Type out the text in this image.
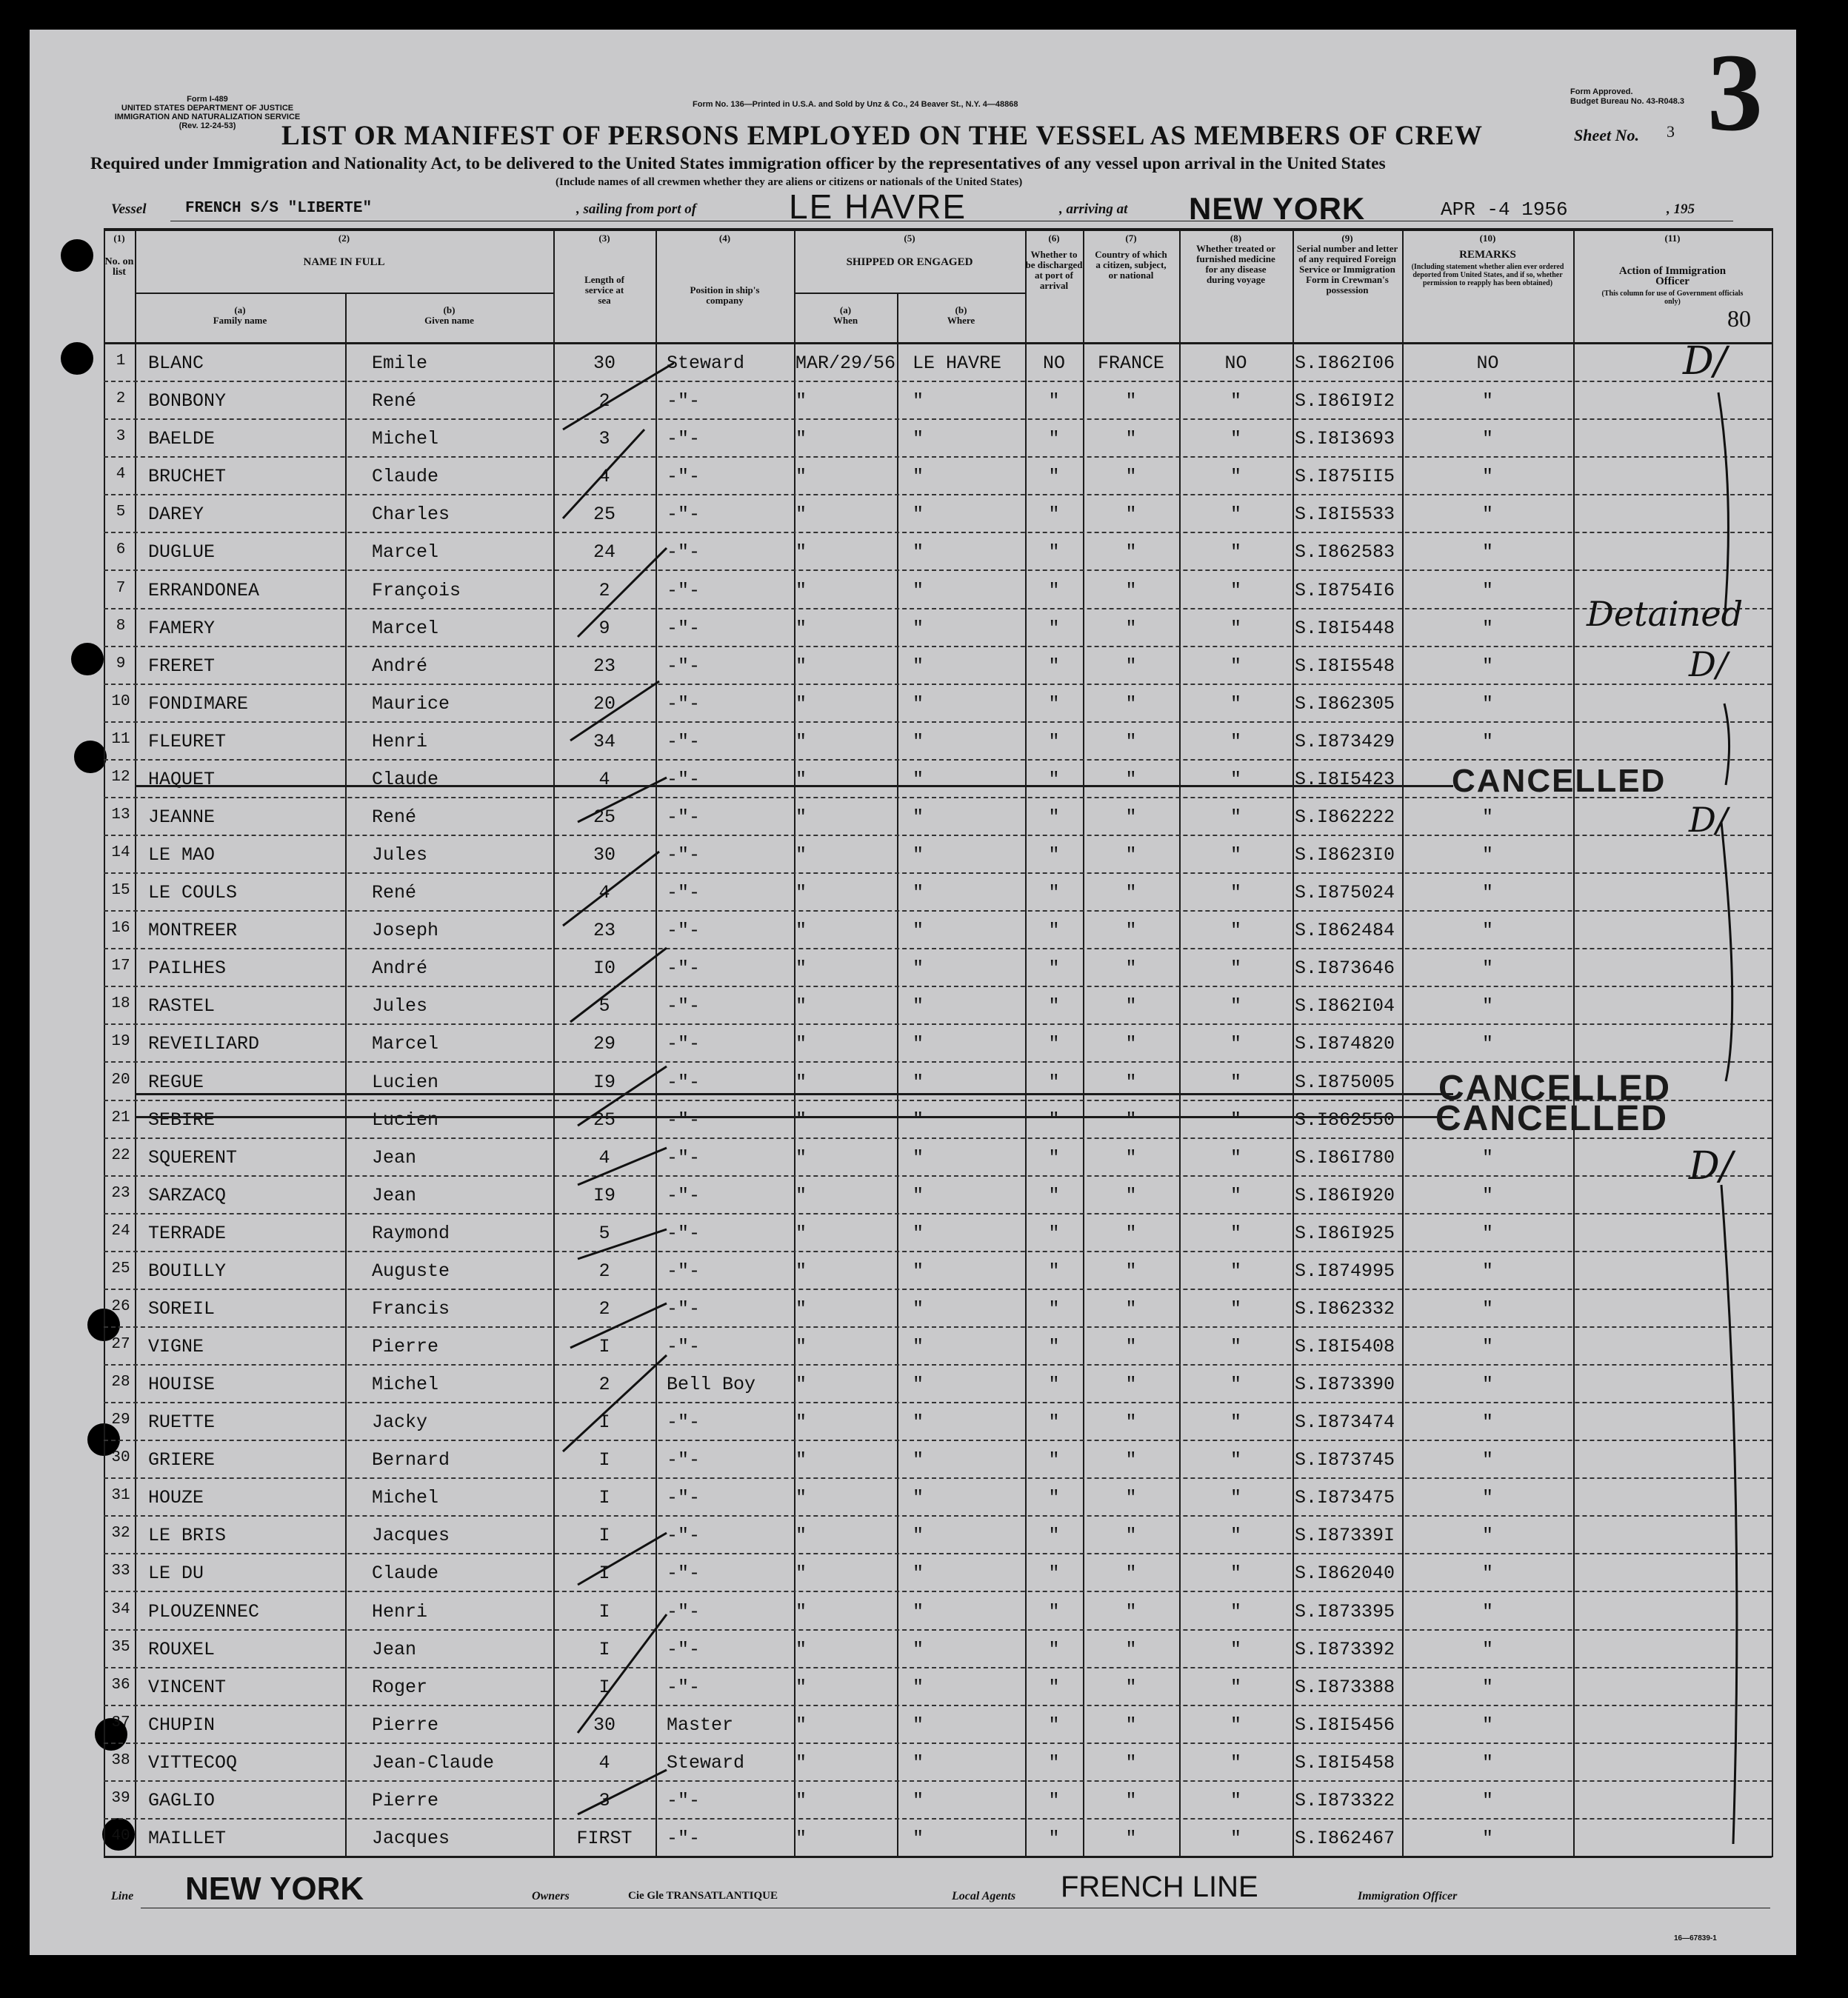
Form I-489
UNITED STATES DEPARTMENT OF JUSTICE
IMMIGRATION AND NATURALIZATION SERVICE
(Rev. 12-24-53)
Form No. 136—Printed in U.S.A. and Sold by Unz & Co., 24 Beaver St., N.Y. 4—48868
Form Approved.
Budget Bureau No. 43-R048.3 3
LIST OR MANIFEST OF PERSONS EMPLOYED ON THE VESSEL AS MEMBERS OF CREW	Sheet No. 3
Required under Immigration and Nationality Act, to be delivered to the United States immigration officer by the representatives of any vessel upon arrival in the United States
(Include names of all crewmen whether they are aliens or citizens or nationals of the United States)
Vessel	FRENCH S/S "LIBERTE"	, sailing from port of	LE HAVRE	, arriving at NEW YORK	APR -4 1956	, 195
(1)
No. on list
(2)
NAME IN FULL
(a)
Family name
(b)
Given name
(3)
Length of service at sea
(4)
Position in ship's company
(5)
SHIPPED OR ENGAGED
(a)
When
(b)
Where
(6)
Whether to be discharged at port of arrival
(7)
Country of which a citizen, subject, or national
(8)
Whether treated or furnished medicine for any disease during voyage
(9)
Serial number and letter of any required Foreign Service or Immigration Form in Crewman's possession
(10)
REMARKS
(Including statement whether alien ever ordered deported from United States, and if so, whether permission to reapply has been obtained)
(11)
Action of Immigration Officer
(This column for use of Government officials only)
80
1	BLANC	Emile	30	Steward	MAR/29/56 LE HAVRE	NO	FRANCE	NO	S.I862I06	NO
2	BONBONY	René	2	-"-	"	"	"	"	"	S.I86I9I2	"
3	BAELDE	Michel	3	-"-	"	"	"	"	"	S.I8I3693	"
4	BRUCHET	Claude	4	-"-	"	"	"	"	"	S.I875II5	"
5	DAREY	Charles	25	-"-	"	"	"	"	"	S.I8I5533	"
6	DUGLUE	Marcel	24	-"-	"	"	"	"	"	S.I862583	"
7	ERRANDONEA	François	2	-"-	"	"	"	"	"	S.I8754I6	"
8	FAMERY	Marcel	9	-"-	"	"	"	"	"	S.I8I5448	"
9	FRERET	André	23	-"-	"	"	"	"	"	S.I8I5548	"
10 FONDIMARE	Maurice	20	-"-	"	"	"	"	"	S.I862305	"
11 FLEURET	Henri	34	-"-	"	"	"	"	"	S.I873429	"
12 HAQUET	Claude	4	-"-	"	"	"	"	"	S.I8I5423
13 JEANNE	René	25	-"-	"	"	"	"	"	S.I862222	"
14 LE MAO	Jules	30	-"-	"	"	"	"	"	S.I8623I0	"
15 LE COULS	René	4	-"-	"	"	"	"	"	S.I875024	"
16 MONTREER	Joseph	23	-"-	"	"	"	"	"	S.I862484	"
17 PAILHES	André	I0	-"-	"	"	"	"	"	S.I873646	"
18 RASTEL	Jules	5	-"-	"	"	"	"	"	S.I862I04	"
19 REVEILIARD	Marcel	29	-"-	"	"	"	"	"	S.I874820	"
20 REGUE	Lucien	I9	-"-	"	"	"	"	"	S.I875005
21 SEBIRE	Lucien	25	-"-	"	"	"	"	"	S.I862550
22 SQUERENT	Jean	4	-"-	"	"	"	"	"	S.I86I780	"
23 SARZACQ	Jean	I9	-"-	"	"	"	"	"	S.I86I920	"
24 TERRADE	Raymond	5	-"-	"	"	"	"	"	S.I86I925	"
25 BOUILLY	Auguste	2	-"-	"	"	"	"	"	S.I874995	"
26 SOREIL	Francis	2	-"-	"	"	"	"	"	S.I862332	"
27 VIGNE	Pierre	I	-"-	"	"	"	"	"	S.I8I5408	"
28 HOUISE	Michel	2	Bell Boy "	"	"	"	"	S.I873390	"
29 RUETTE	Jacky	I	-"-	"	"	"	"	"	S.I873474	"
30 GRIERE	Bernard	I	-"-	"	"	"	"	"	S.I873745	"
31 HOUZE	Michel	I	-"-	"	"	"	"	"	S.I873475	"
32 LE BRIS	Jacques	I	-"-	"	"	"	"	"	S.I87339I	"
33 LE DU	Claude	I	-"-	"	"	"	"	"	S.I862040	"
34 PLOUZENNEC	Henri	I	-"-	"	"	"	"	"	S.I873395	"
35 ROUXEL	Jean	I	-"-	"	"	"	"	"	S.I873392	"
36 VINCENT	Roger	I	-"-	"	"	"	"	"	S.I873388	"
37 CHUPIN	Pierre	30	Master	"	"	"	"	"	S.I8I5456	"
38 VITTECOQ	Jean-Claude	4	Steward	"	"	"	"	"	S.I8I5458	"
39 GAGLIO	Pierre	3	-"-	"	"	"	"	"	S.I873322	"
40 MAILLET	Jacques	FIRST	-"-	"	"	"	"	"	S.I862467	"
CANCELLED
CANCELLED
CANCELLED
D/
Detained
D/
D/
D/
Line NEW YORK	Owners	Cie Gle TRANSATLANTIQUE	Local Agents FRENCH LINE	Immigration Officer
16—67839-1
